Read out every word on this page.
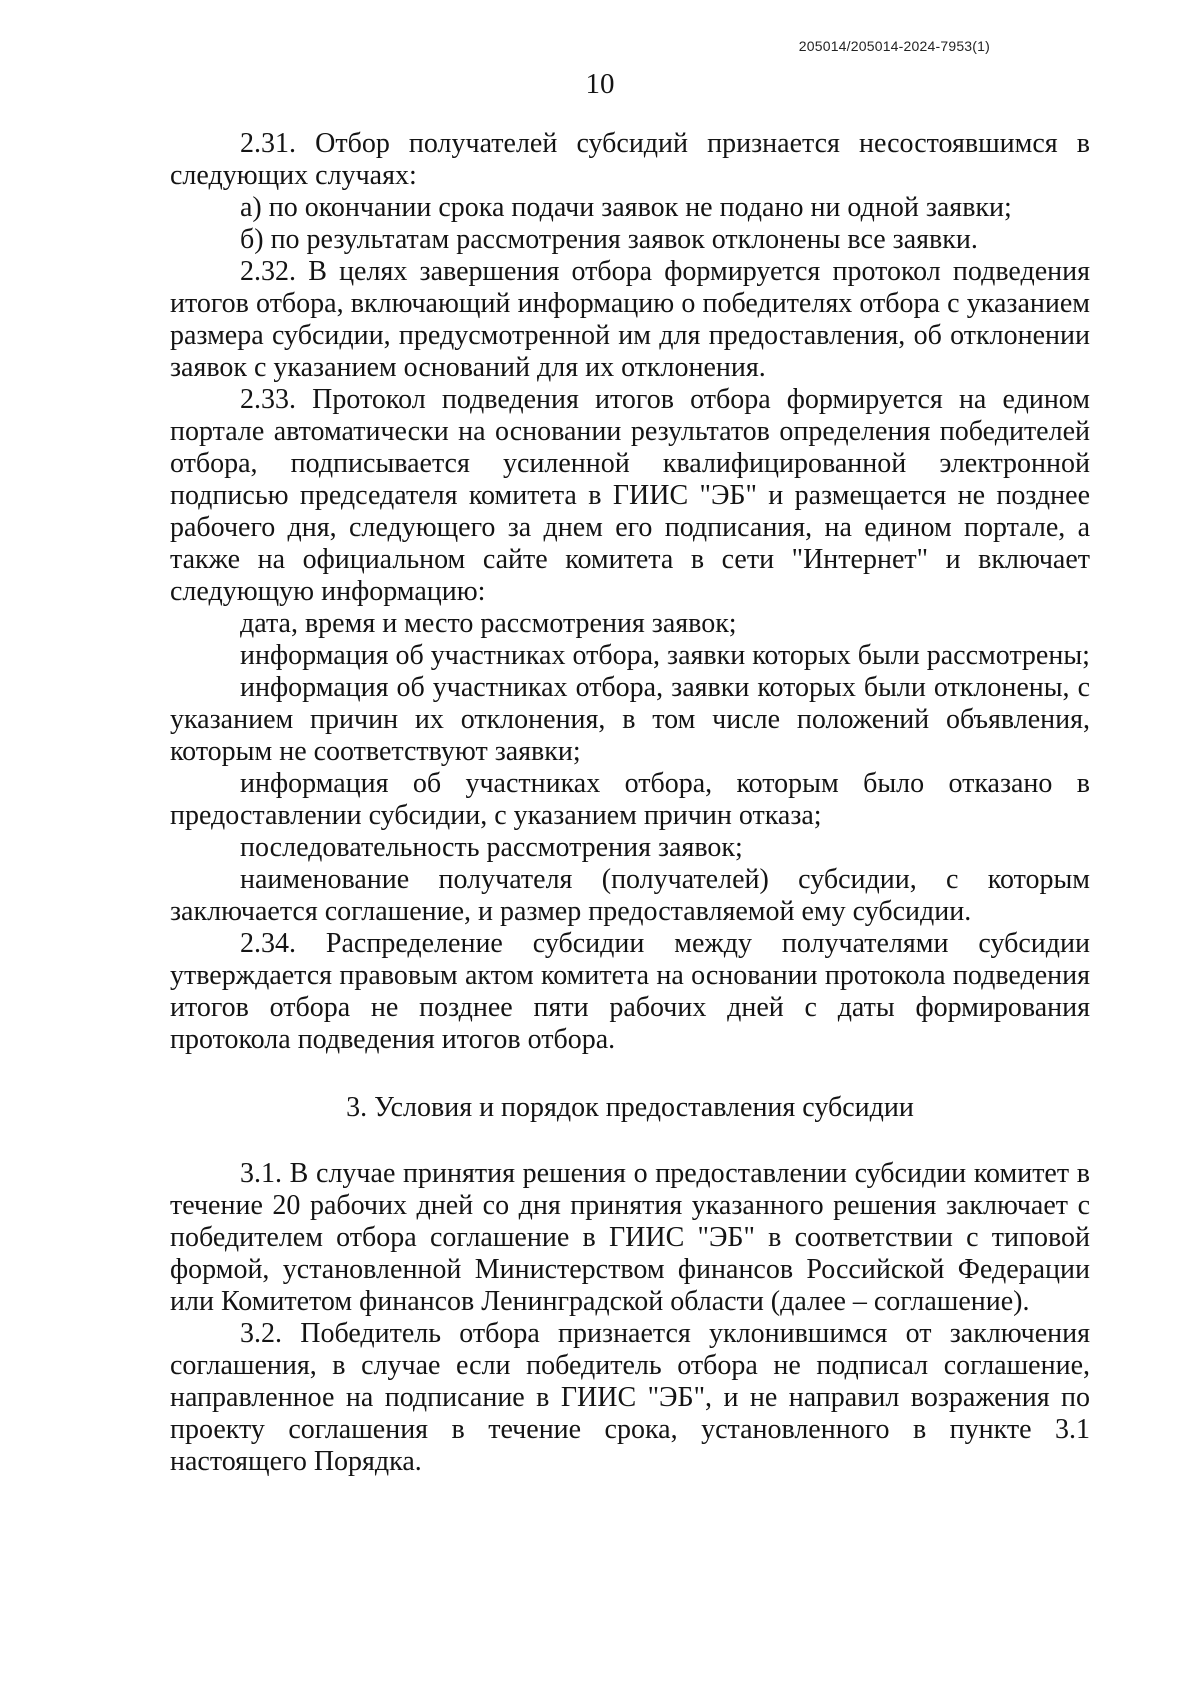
205014/205014-2024-7953(1)
10

2.31. Отбор получателей субсидий признается несостоявшимся в следующих случаях:

а) по окончании срока подачи заявок не подано ни одной заявки;

б) по результатам рассмотрения заявок отклонены все заявки.

2.32. В целях завершения отбора формируется протокол подведения итогов отбора, включающий информацию о победителях отбора с указанием размера субсидии, предусмотренной им для предоставления, об отклонении заявок с указанием оснований для их отклонения.

2.33. Протокол подведения итогов отбора формируется на едином портале автоматически на основании результатов определения победителей отбора, подписывается усиленной квалифицированной электронной подписью председателя комитета в ГИИС "ЭБ" и размещается не позднее рабочего дня, следующего за днем его подписания, на едином портале, а также на официальном сайте комитета в сети "Интернет" и включает следующую информацию:

дата, время и место рассмотрения заявок;

информация об участниках отбора, заявки которых были рассмотрены;

информация об участниках отбора, заявки которых были отклонены, с указанием причин их отклонения, в том числе положений объявления, которым не соответствуют заявки;

информация об участниках отбора, которым было отказано в предоставлении субсидии, с указанием причин отказа;

последовательность рассмотрения заявок;

наименование получателя (получателей) субсидии, с которым заключается соглашение, и размер предоставляемой ему субсидии.

2.34. Распределение субсидии между получателями субсидии утверждается правовым актом комитета на основании протокола подведения итогов отбора не позднее пяти рабочих дней с даты формирования протокола подведения итогов отбора.

3. Условия и порядок предоставления субсидии

3.1. В случае принятия решения о предоставлении субсидии комитет в течение 20 рабочих дней со дня принятия указанного решения заключает с победителем отбора соглашение в ГИИС "ЭБ" в соответствии с типовой формой, установленной Министерством финансов Российской Федерации или Комитетом финансов Ленинградской области (далее – соглашение).

3.2. Победитель отбора признается уклонившимся от заключения соглашения, в случае если победитель отбора не подписал соглашение, направленное на подписание в ГИИС "ЭБ", и не направил возражения по проекту соглашения в течение срока, установленного в пункте 3.1 настоящего Порядка.
